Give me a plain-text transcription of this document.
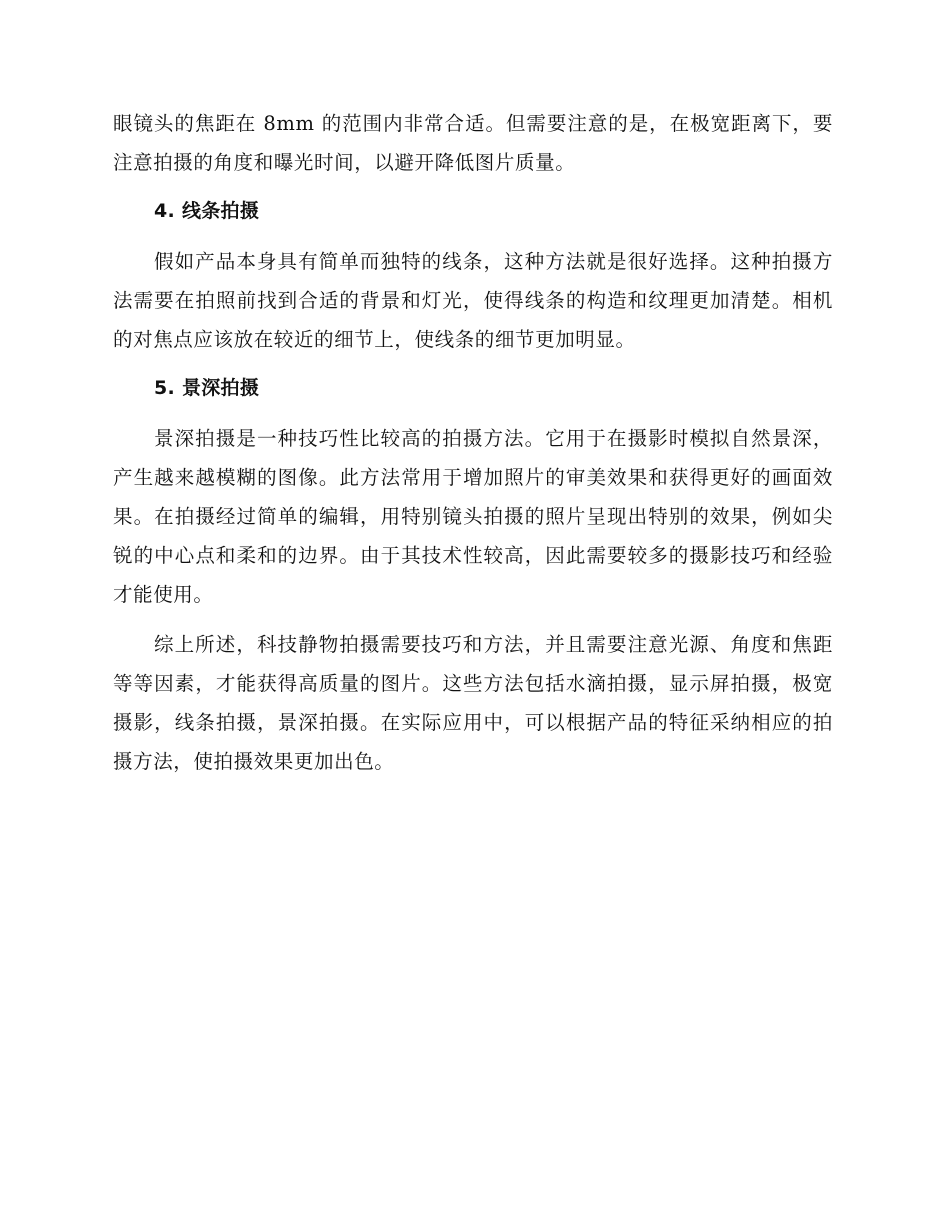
眼镜头的焦距在 8mm 的范围内非常合适。但需要注意的是，在极宽距离下，要注意拍摄的角度和曝光时间，以避开降低图片质量。

4. 线条拍摄

假如产品本身具有简单而独特的线条，这种方法就是很好选择。这种拍摄方法需要在拍照前找到合适的背景和灯光，使得线条的构造和纹理更加清楚。相机的对焦点应该放在较近的细节上，使线条的细节更加明显。

5. 景深拍摄

景深拍摄是一种技巧性比较高的拍摄方法。它用于在摄影时模拟自然景深，产生越来越模糊的图像。此方法常用于增加照片的审美效果和获得更好的画面效果。在拍摄经过简单的编辑，用特别镜头拍摄的照片呈现出特别的效果，例如尖锐的中心点和柔和的边界。由于其技术性较高，因此需要较多的摄影技巧和经验才能使用。

综上所述，科技静物拍摄需要技巧和方法，并且需要注意光源、角度和焦距等等因素，才能获得高质量的图片。这些方法包括水滴拍摄，显示屏拍摄，极宽摄影，线条拍摄，景深拍摄。在实际应用中，可以根据产品的特征采纳相应的拍摄方法，使拍摄效果更加出色。
